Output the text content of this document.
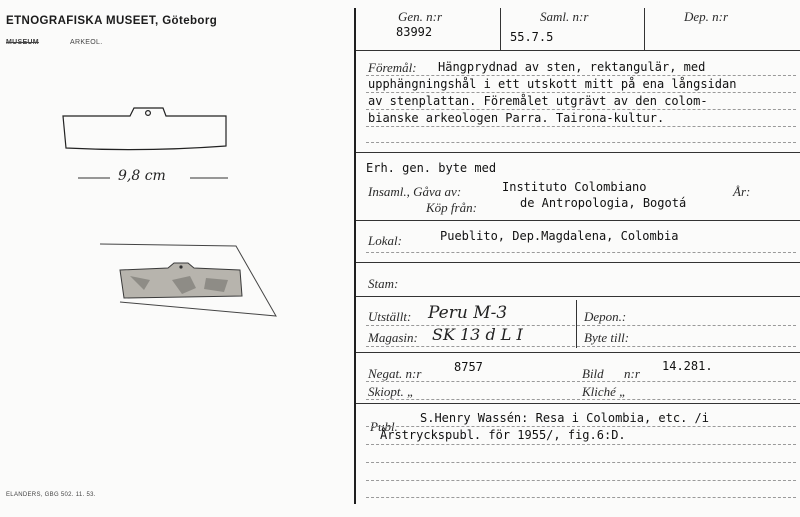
ETNOGRAFISKA MUSEET, Göteborg
MUSEUM	ARKEOL.
9,8 cm
ELANDERS, GBG 502. 11. 53.
Gen. n:r
83992
Saml. n:r
55.7.5
Dep. n:r
Föremål: Hängprydnad av sten, rektangulär, med
upphängningshål i ett utskott mitt på ena långsidan
av stenplattan. Föremålet utgrävt av den colom-
bianske arkeologen Parra. Tairona-kultur.
Erh. gen. byte med
Insaml., Gåva av:	Instituto Colombiano	År:
Köp från:	de Antropologia, Bogotá
Lokal:	Pueblito, Dep.Magdalena, Colombia
Stam:
Utställt: Peru M-3
Magasin: SK 13 d L I
Depon.:
Byte till:
Negat. n:r	8757	Bild n:r 14.281.
Skiopt. „	Kliché „
Publ.
S.Henry Wassén: Resa i Colombia, etc. /i
Årstryckspubl. för 1955/, fig.6:D.
